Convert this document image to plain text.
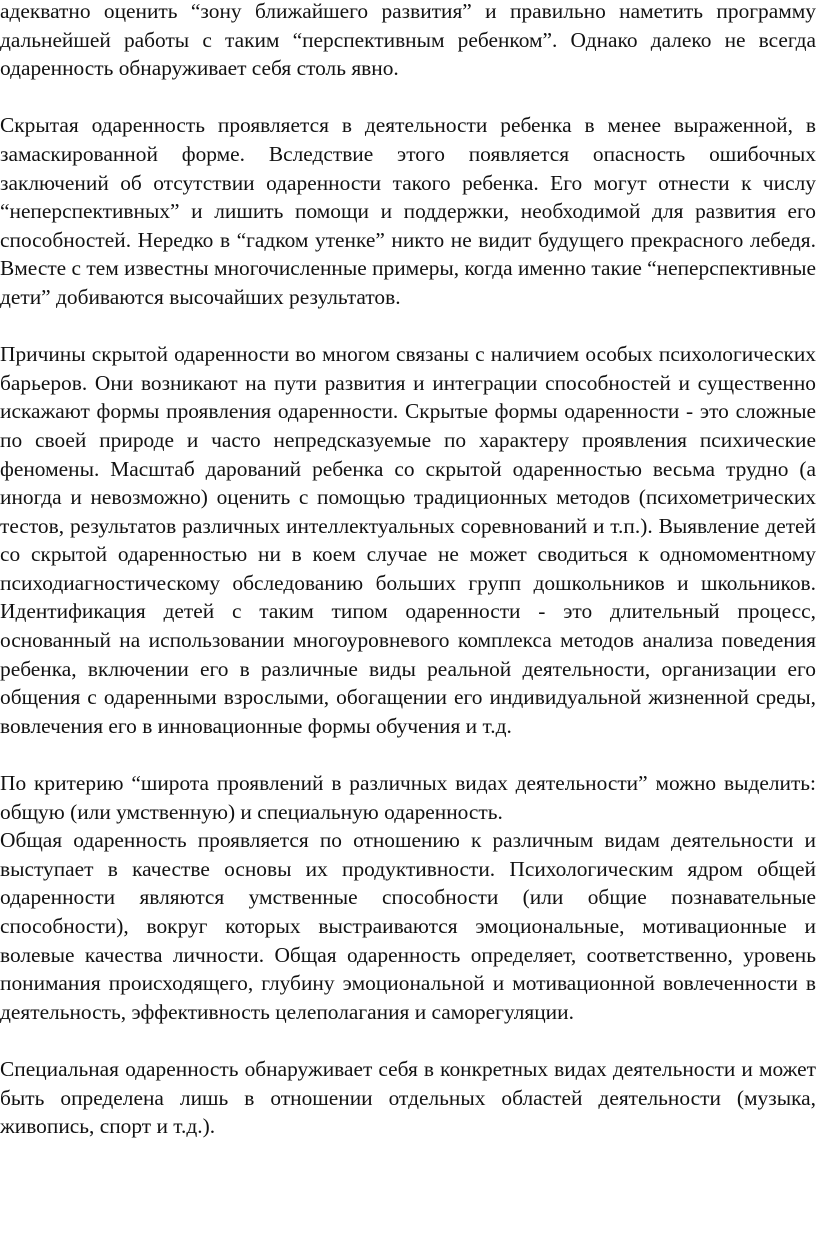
адекватно оценить “зону ближайшего развития” и правильно наметить программу дальнейшей работы с таким “перспективным ребенком”. Однако далеко не всегда одаренность обнаруживает себя столь явно.

Скрытая одаренность проявляется в деятельности ребенка в менее выраженной, в замаскированной форме. Вследствие этого появляется опасность ошибочных заключений об отсутствии одаренности такого ребенка. Его могут отнести к числу “неперспективных” и лишить помощи и поддержки, необходимой для развития его способностей. Нередко в “гадком утенке” никто не видит будущего прекрасного лебедя. Вместе с тем известны многочисленные примеры, когда именно такие “неперспективные дети” добиваются высочайших результатов.

Причины скрытой одаренности во многом связаны с наличием особых психологических барьеров. Они возникают на пути развития и интеграции способностей и существенно искажают формы проявления одаренности. Скрытые формы одаренности - это сложные по своей природе и часто непредсказуемые по характеру проявления психические феномены. Масштаб дарований ребенка со скрытой одаренностью весьма трудно (а иногда и невозможно) оценить с помощью традиционных методов (психометрических тестов, результатов различных интеллектуальных соревнований и т.п.). Выявление детей со скрытой одаренностью ни в коем случае не может сводиться к одномоментному психодиагностическому обследованию больших групп дошкольников и школьников. Идентификация детей с таким типом одаренности - это длительный процесс, основанный на использовании многоуровневого комплекса методов анализа поведения ребенка, включении его в различные виды реальной деятельности, организации его общения с одаренными взрослыми, обогащении его индивидуальной жизненной среды, вовлечения его в инновационные формы обучения и т.д.

По критерию “широта проявлений в различных видах деятельности” можно выделить: общую (или умственную) и специальную одаренность.

Общая одаренность проявляется по отношению к различным видам деятельности и выступает в качестве основы их продуктивности. Психологическим ядром общей одаренности являются умственные способности (или общие познавательные способности), вокруг которых выстраиваются эмоциональные, мотивационные и волевые качества личности. Общая одаренность определяет, соответственно, уровень понимания происходящего, глубину эмоциональной и мотивационной вовлеченности в деятельность, эффективность целеполагания и саморегуляции.

Специальная одаренность обнаруживает себя в конкретных видах деятельности и может быть определена лишь в отношении отдельных областей деятельности (музыка, живопись, спорт и т.д.).
